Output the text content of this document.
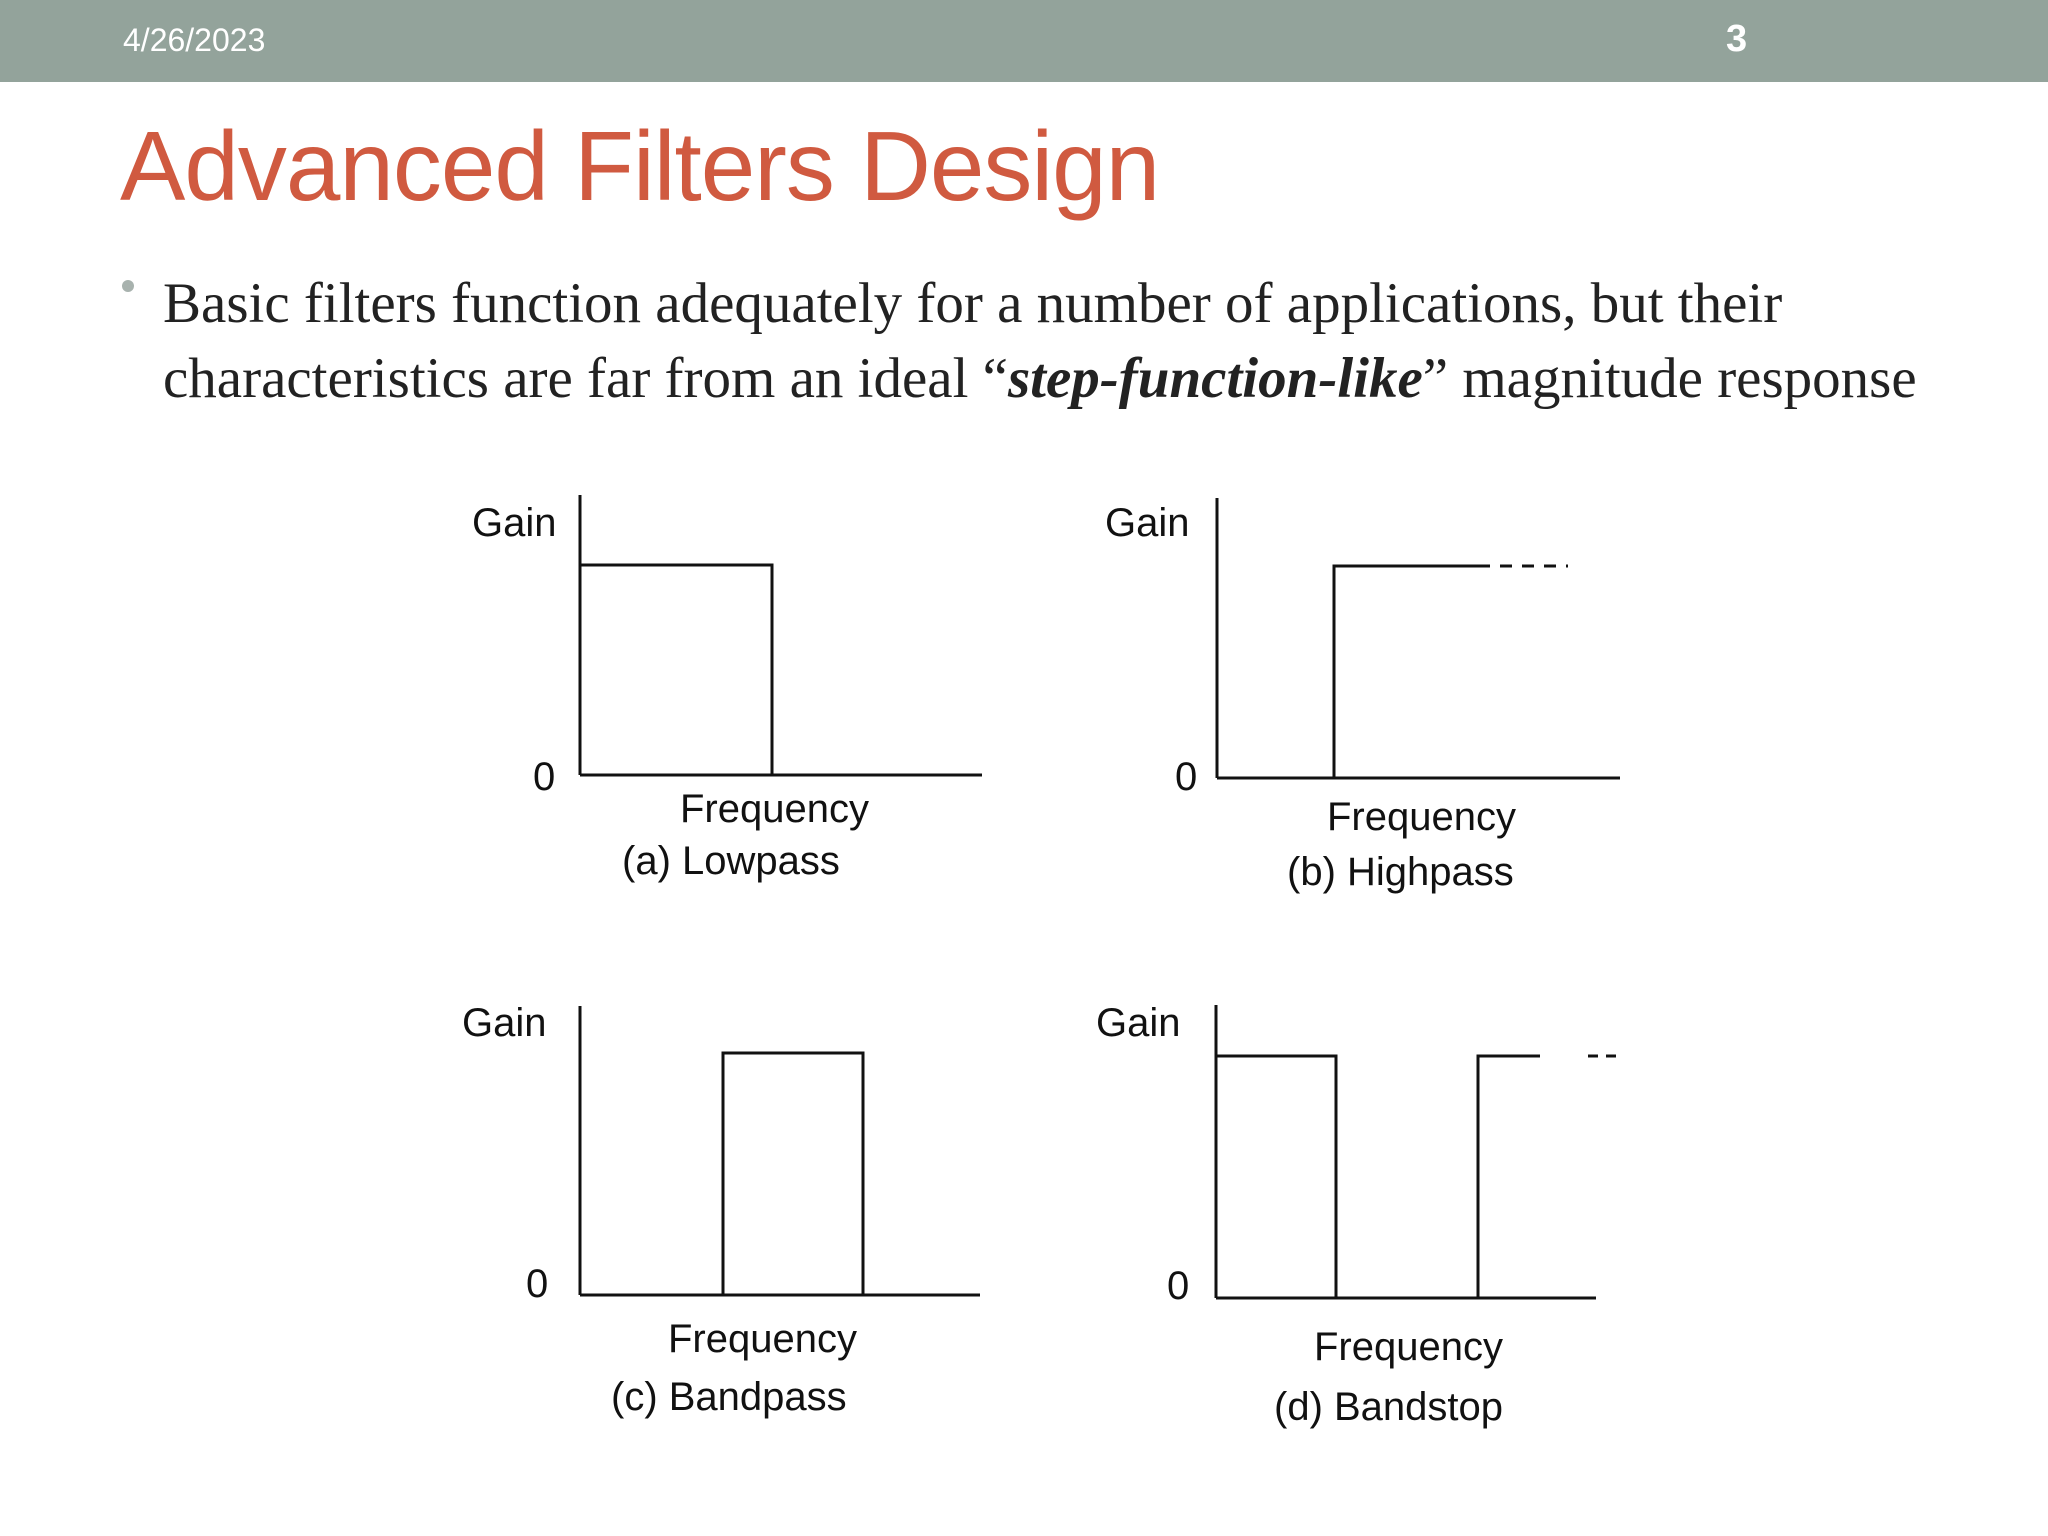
4/26/2023	3
Advanced Filters Design
Basic filters function adequately for a number of applications, but their characteristics are far from an ideal “step-function-like” magnitude response
Gain
0
Frequency
(a) Lowpass
Gain
0
Frequency
(b) Highpass
Gain
0
Frequency
(c) Bandpass
Gain
0
Frequency
(d) Bandstop
